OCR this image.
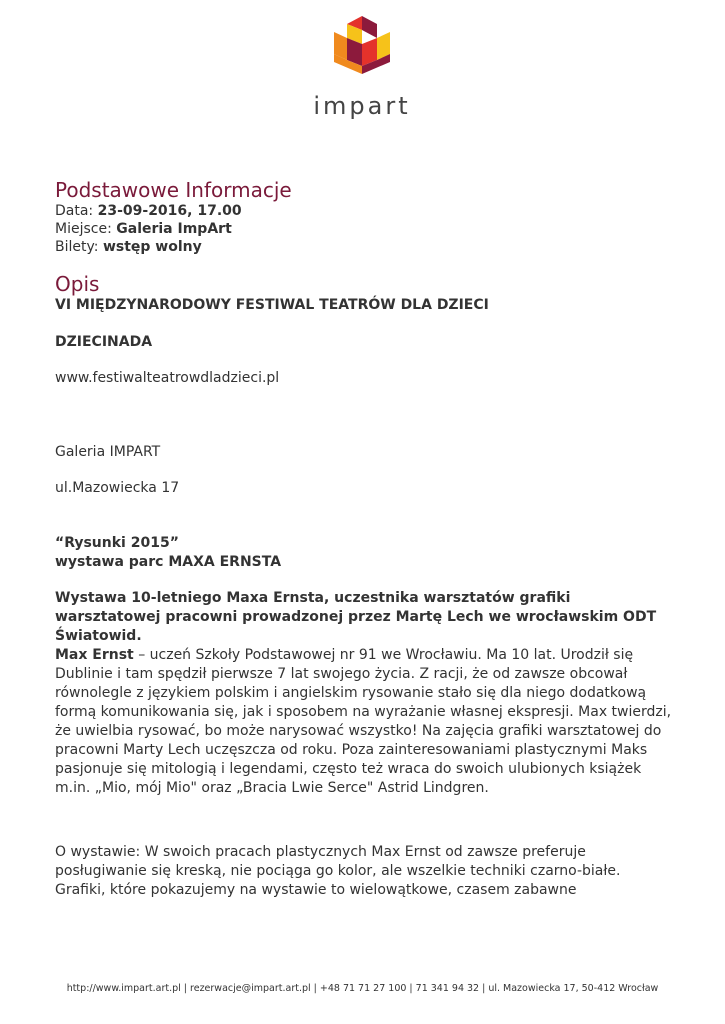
impart
Podstawowe Informacje
Data: 23-09-2016, 17.00
Miejsce: Galeria ImpArt
Bilety: wstęp wolny
Opis

VI MIĘDZYNARODOWY FESTIWAL TEATRÓW DLA DZIECI

DZIECINADA

www.festiwalteatrowdladzieci.pl

Galeria IMPART

ul.Mazowiecka 17

“Rysunki 2015”

wystawa parc MAXA ERNSTA

Wystawa 10-letniego Maxa Ernsta, uczestnika warsztatów grafiki warsztatowej pracowni prowadzonej przez Martę Lech we wrocławskim ODT Światowid.

Max Ernst – uczeń Szkoły Podstawowej nr 91 we Wrocławiu. Ma 10 lat. Urodził się Dublinie i tam spędził pierwsze 7 lat swojego życia. Z racji, że od zawsze obcował równolegle z językiem polskim i angielskim rysowanie stało się dla niego dodatkową formą komunikowania się, jak i sposobem na wyrażanie własnej ekspresji. Max twierdzi, że uwielbia rysować, bo może narysować wszystko! Na zajęcia grafiki warsztatowej do pracowni Marty Lech uczęszcza od roku. Poza zainteresowaniami plastycznymi Maks pasjonuje się mitologią i legendami, często też wraca do swoich ulubionych książek m.in. „Mio, mój Mio" oraz „Bracia Lwie Serce" Astrid Lindgren.

O wystawie: W swoich pracach plastycznych Max Ernst od zawsze preferuje posługiwanie się kreską, nie pociąga go kolor, ale wszelkie techniki czarno-białe. Grafiki, które pokazujemy na wystawie to wielowątkowe, czasem zabawne

http://www.impart.art.pl | rezerwacje@impart.art.pl | +48 71 71 27 100 | 71 341 94 32 | ul. Mazowiecka 17, 50-412 Wrocław
